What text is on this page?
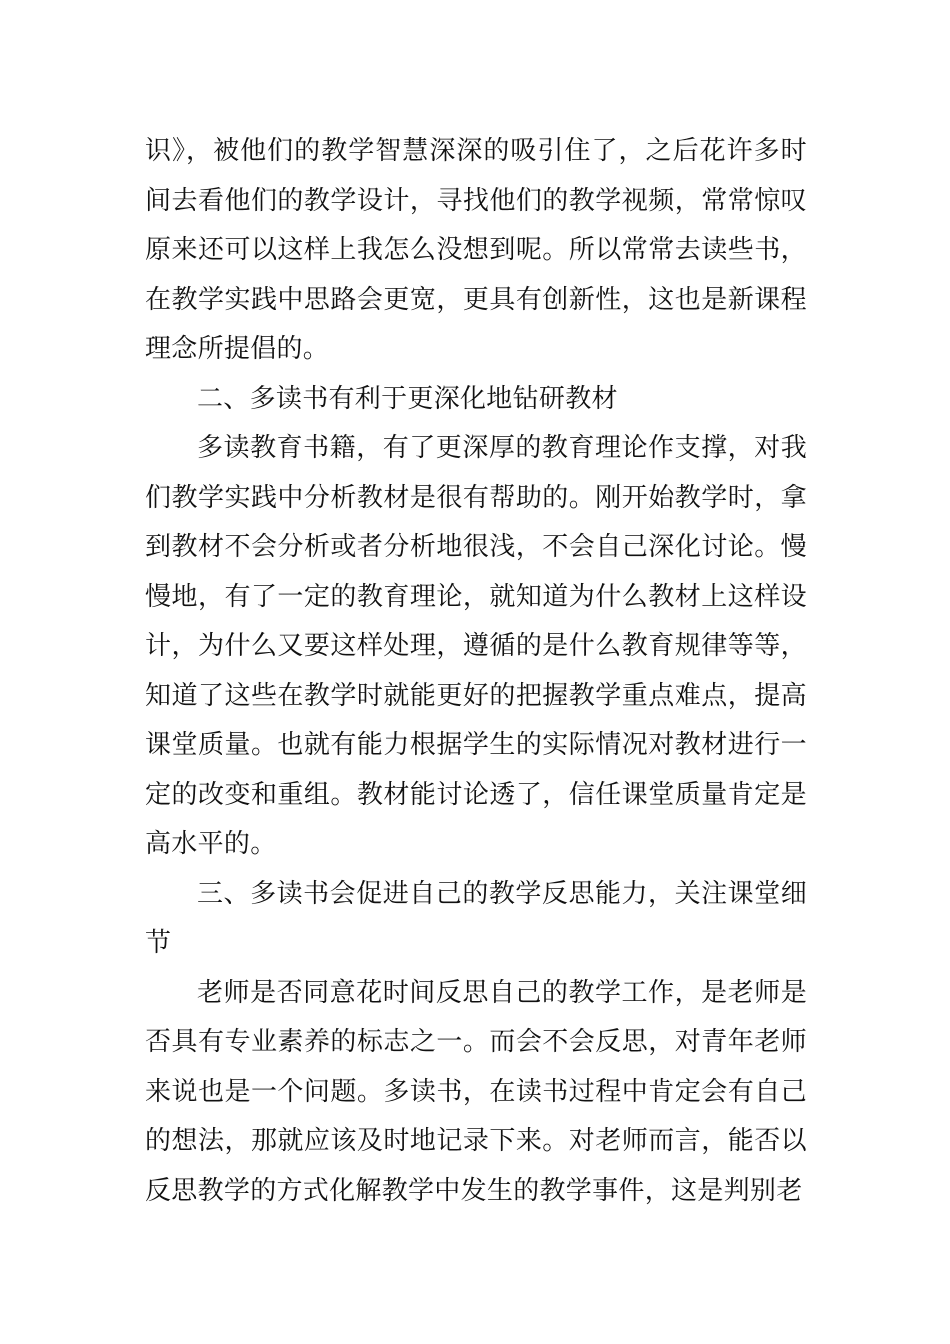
识》，被他们的教学智慧深深的吸引住了，之后花许多时间去看他们的教学设计，寻找他们的教学视频，常常惊叹原来还可以这样上我怎么没想到呢。所以常常去读些书，在教学实践中思路会更宽，更具有创新性，这也是新课程理念所提倡的。

二、多读书有利于更深化地钻研教材

多读教育书籍，有了更深厚的教育理论作支撑，对我们教学实践中分析教材是很有帮助的。刚开始教学时，拿到教材不会分析或者分析地很浅，不会自己深化讨论。慢慢地，有了一定的教育理论，就知道为什么教材上这样设计，为什么又要这样处理，遵循的是什么教育规律等等，知道了这些在教学时就能更好的把握教学重点难点，提高课堂质量。也就有能力根据学生的实际情况对教材进行一定的改变和重组。教材能讨论透了，信任课堂质量肯定是高水平的。

三、多读书会促进自己的教学反思能力，关注课堂细节

老师是否同意花时间反思自己的教学工作，是老师是否具有专业素养的标志之一。而会不会反思，对青年老师来说也是一个问题。多读书，在读书过程中肯定会有自己的想法，那就应该及时地记录下来。对老师而言，能否以反思教学的方式化解教学中发生的教学事件，这是判别老
